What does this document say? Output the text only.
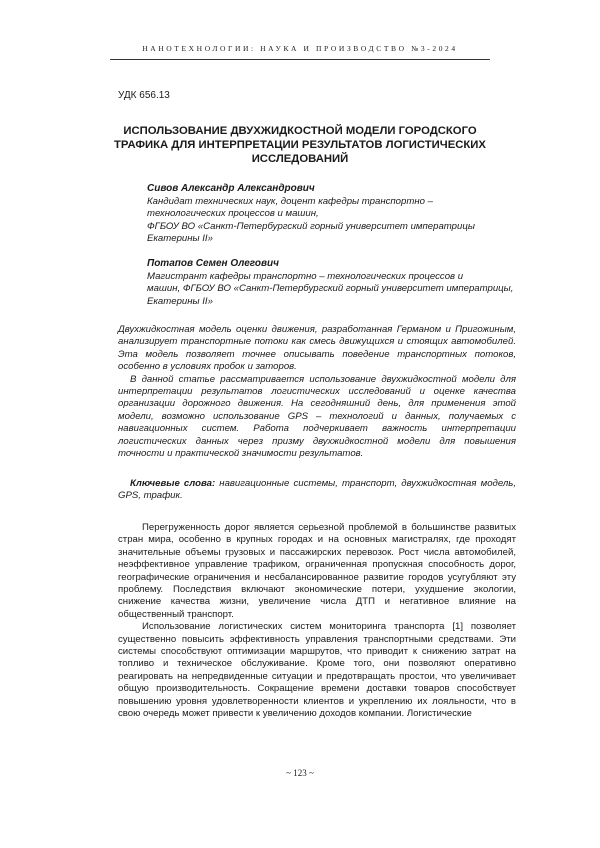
НАНОТЕХНОЛОГИИ: НАУКА И ПРОИЗВОДСТВО №3-2024
УДК 656.13
ИСПОЛЬЗОВАНИЕ ДВУХЖИДКОСТНОЙ МОДЕЛИ ГОРОДСКОГО ТРАФИКА ДЛЯ ИНТЕРПРЕТАЦИИ РЕЗУЛЬТАТОВ ЛОГИСТИЧЕСКИХ ИССЛЕДОВАНИЙ
Сивов Александр Александрович
Кандидат технических наук, доцент кафедры транспортно –
технологических процессов и машин,
ФГБОУ ВО «Санкт-Петербургский горный университет императрицы
Екатерины II»
Потапов Семен Олегович
Магистрант кафедры транспортно – технологических процессов и
машин, ФГБОУ ВО «Санкт-Петербургский горный университет императрицы,
Екатерины II»

Двухжидкостная модель оценки движения, разработанная Германом и Пригожиным, анализирует транспортные потоки как смесь движущихся и стоящих автомобилей. Эта модель позволяет точнее описывать поведение транспортных потоков, особенно в условиях пробок и заторов.

В данной статье рассматривается использование двухжидкостной модели для интерпретации результатов логистических исследований и оценке качества организации дорожного движения. На сегодняшний день, для применения этой модели, возможно использование GPS – технологий и данных, получаемых с навигационных систем. Работа подчеркивает важность интерпретации логистических данных через призму двухжидкостной модели для повышения точности и практической значимости результатов.

Ключевые слова: навигационные системы, транспорт, двухжидкостная модель, GPS, трафик.

Перегруженность дорог является серьезной проблемой в большинстве развитых стран мира, особенно в крупных городах и на основных магистралях, где проходят значительные объемы грузовых и пассажирских перевозок. Рост числа автомобилей, неэффективное управление трафиком, ограниченная пропускная способность дорог, географические ограничения и несбалансированное развитие городов усугубляют эту проблему. Последствия включают экономические потери, ухудшение экологии, снижение качества жизни, увеличение числа ДТП и негативное влияние на общественный транспорт.

Использование логистических систем мониторинга транспорта [1] позволяет существенно повысить эффективность управления транспортными средствами. Эти системы способствуют оптимизации маршрутов, что приводит к снижению затрат на топливо и техническое обслуживание. Кроме того, они позволяют оперативно реагировать на непредвиденные ситуации и предотвращать простои, что увеличивает общую производительность. Сокращение времени доставки товаров способствует повышению уровня удовлетворенности клиентов и укреплению их лояльности, что в свою очередь может привести к увеличению доходов компании. Логистические

~ 123 ~
